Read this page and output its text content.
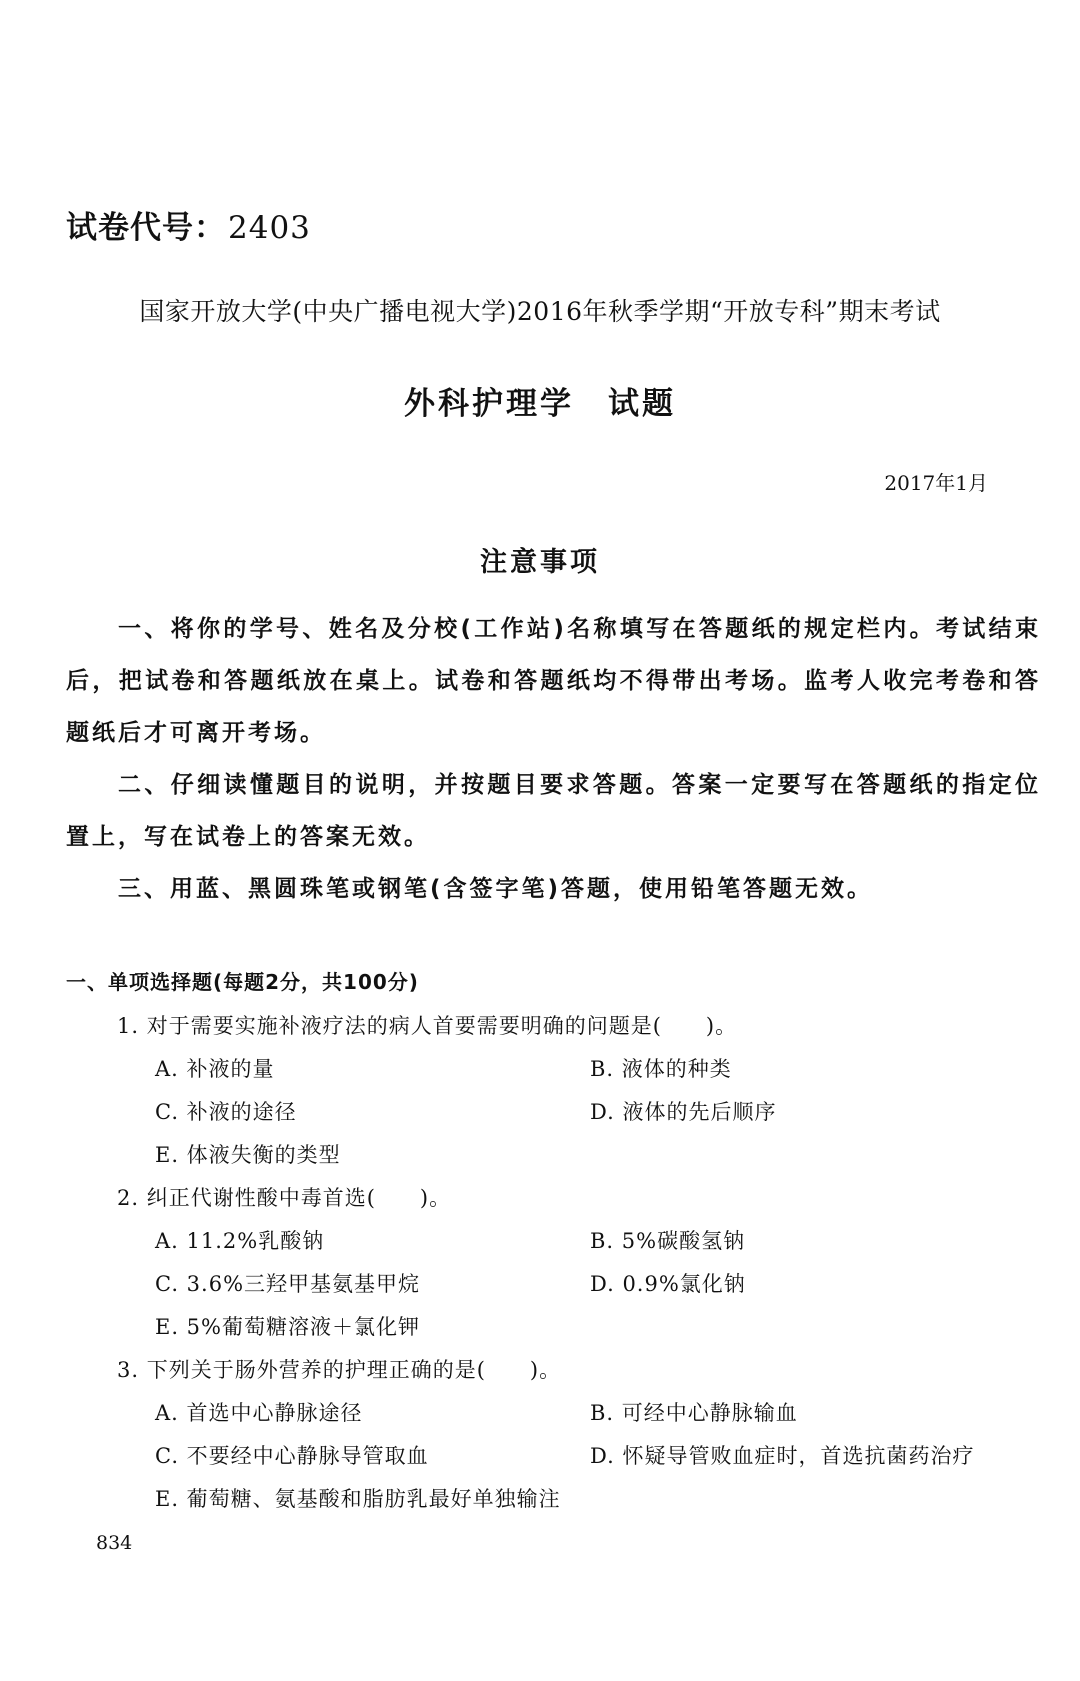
试卷代号：2403
国家开放大学(中央广播电视大学)2016年秋季学期“开放专科”期末考试
外科护理学　试题
2017年1月
注意事项

一、将你的学号、姓名及分校(工作站)名称填写在答题纸的规定栏内。考试结束后，把试卷和答题纸放在桌上。试卷和答题纸均不得带出考场。监考人收完考卷和答题纸后才可离开考场。

二、仔细读懂题目的说明，并按题目要求答题。答案一定要写在答题纸的指定位置上，写在试卷上的答案无效。

三、用蓝、黑圆珠笔或钢笔(含签字笔)答题，使用铅笔答题无效。

一、单项选择题(每题2分，共100分)
1. 对于需要实施补液疗法的病人首要需要明确的问题是(　　)。
A. 补液的量	B. 液体的种类
C. 补液的途径	D. 液体的先后顺序
E. 体液失衡的类型
2. 纠正代谢性酸中毒首选(　　)。
A. 11.2%乳酸钠	B. 5%碳酸氢钠
C. 3.6%三羟甲基氨基甲烷	D. 0.9%氯化钠
E. 5%葡萄糖溶液＋氯化钾
3. 下列关于肠外营养的护理正确的是(　　)。
A. 首选中心静脉途径	B. 可经中心静脉输血
C. 不要经中心静脉导管取血	D. 怀疑导管败血症时，首选抗菌药治疗
E. 葡萄糖、氨基酸和脂肪乳最好单独输注
834
